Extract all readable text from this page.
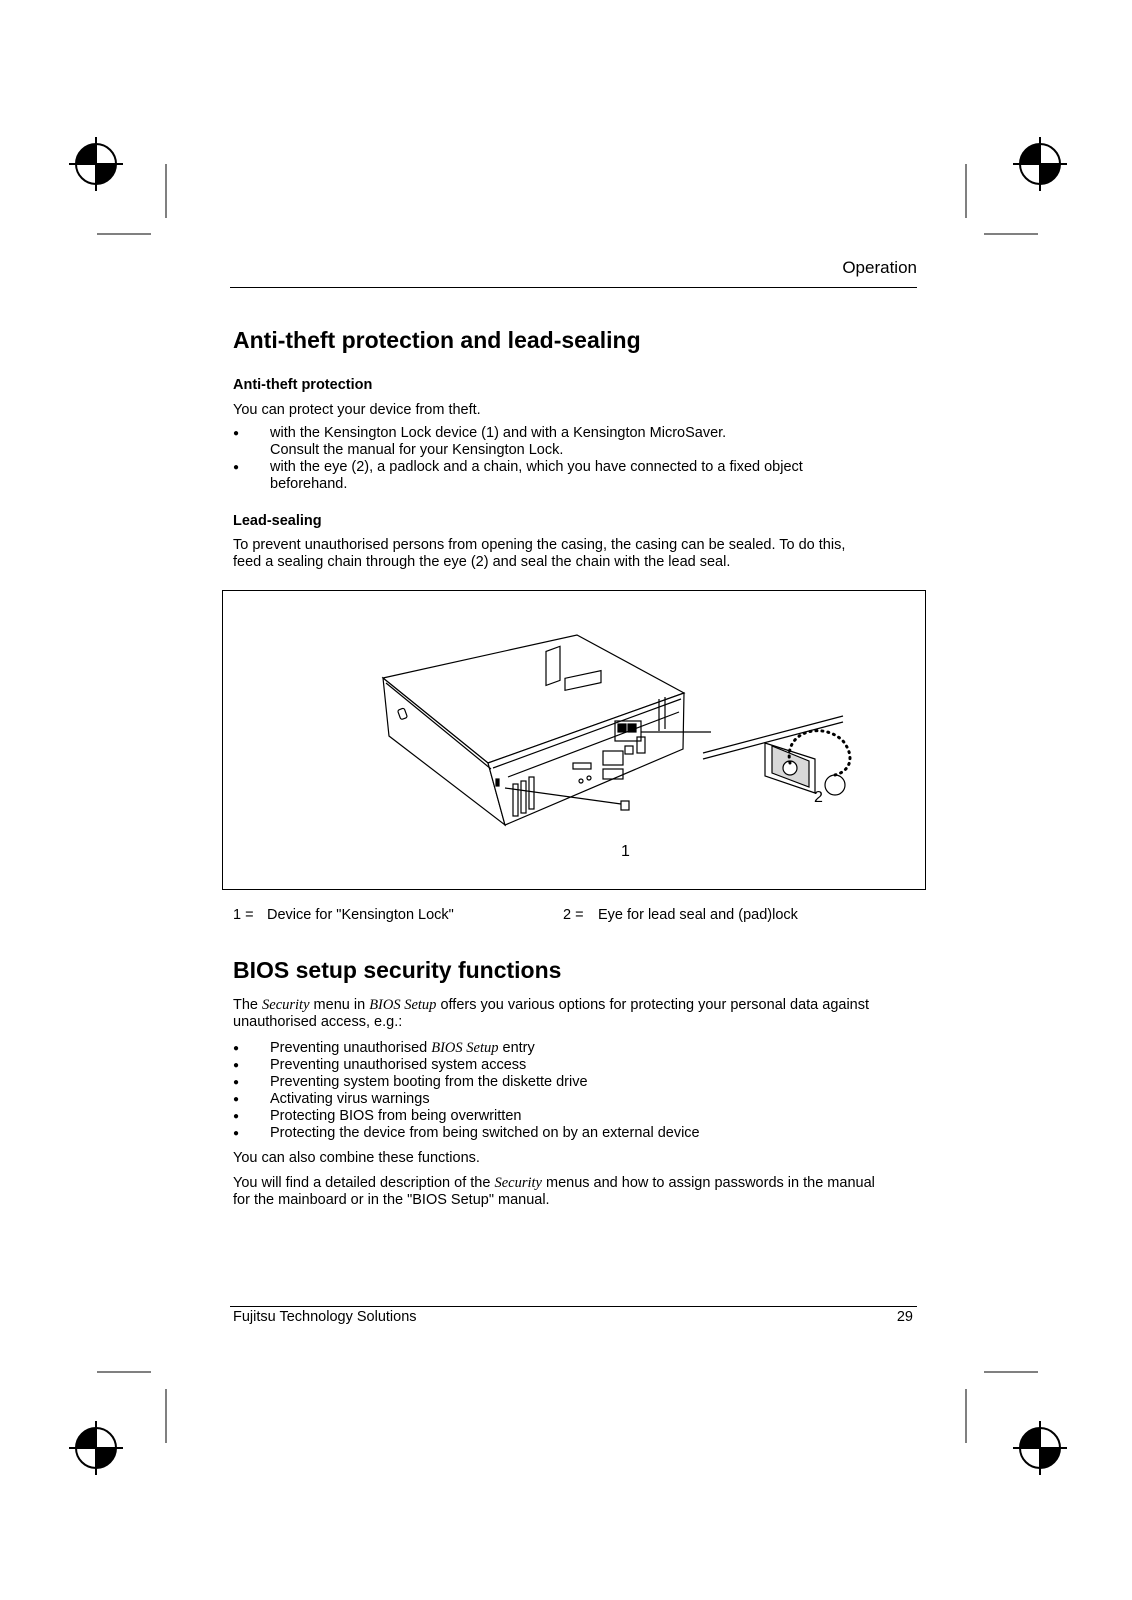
Operation
Anti-theft protection and lead-sealing
Anti-theft protection

You can protect your device from theft.

● with the Kensington Lock device (1) and with a Kensington MicroSaver.
Consult the manual for your Kensington Lock.
● with the eye (2), a padlock and a chain, which you have connected to a fixed object
beforehand.
Lead-sealing

To prevent unauthorised persons from opening the casing, the casing can be sealed. To do this,
feed a sealing chain through the eye (2) and seal the chain with the lead seal.

1
2
1 = Device for "Kensington Lock"	2 = Eye for lead seal and (pad)lock
BIOS setup security functions

The Security menu in BIOS Setup offers you various options for protecting your personal data against
unauthorised access, e.g.:

● Preventing unauthorised BIOS Setup entry
● Preventing unauthorised system access
● Preventing system booting from the diskette drive
● Activating virus warnings
● Protecting BIOS from being overwritten
● Protecting the device from being switched on by an external device

You can also combine these functions.

You will find a detailed description of the Security menus and how to assign passwords in the manual
for the mainboard or in the "BIOS Setup" manual.

Fujitsu Technology Solutions	29
